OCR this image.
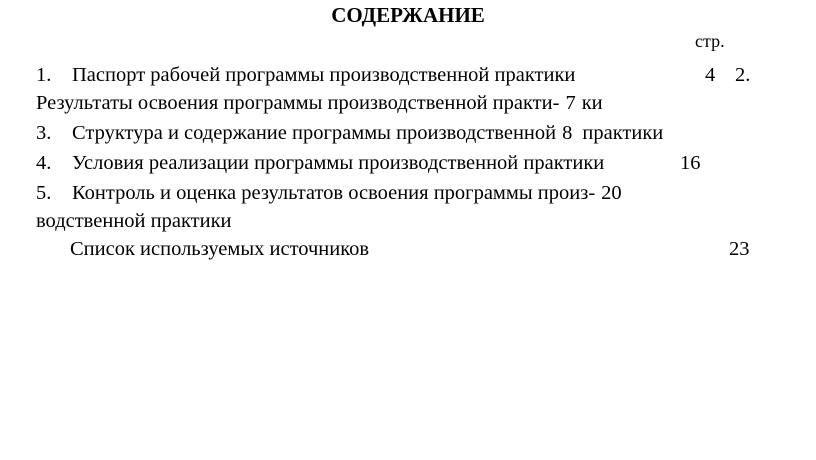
СОДЕРЖАНИЕ
стр.
1. Паспорт рабочей программы производственной практики	4 2.
Результаты освоения программы производственной практи- 7 ки
3. Структура и содержание программы производственной 8 практики
4. Условия реализации программы производственной практики	16
5. Контроль и оценка результатов освоения программы произ- 20
водственной практики
Список используемых источников	23
